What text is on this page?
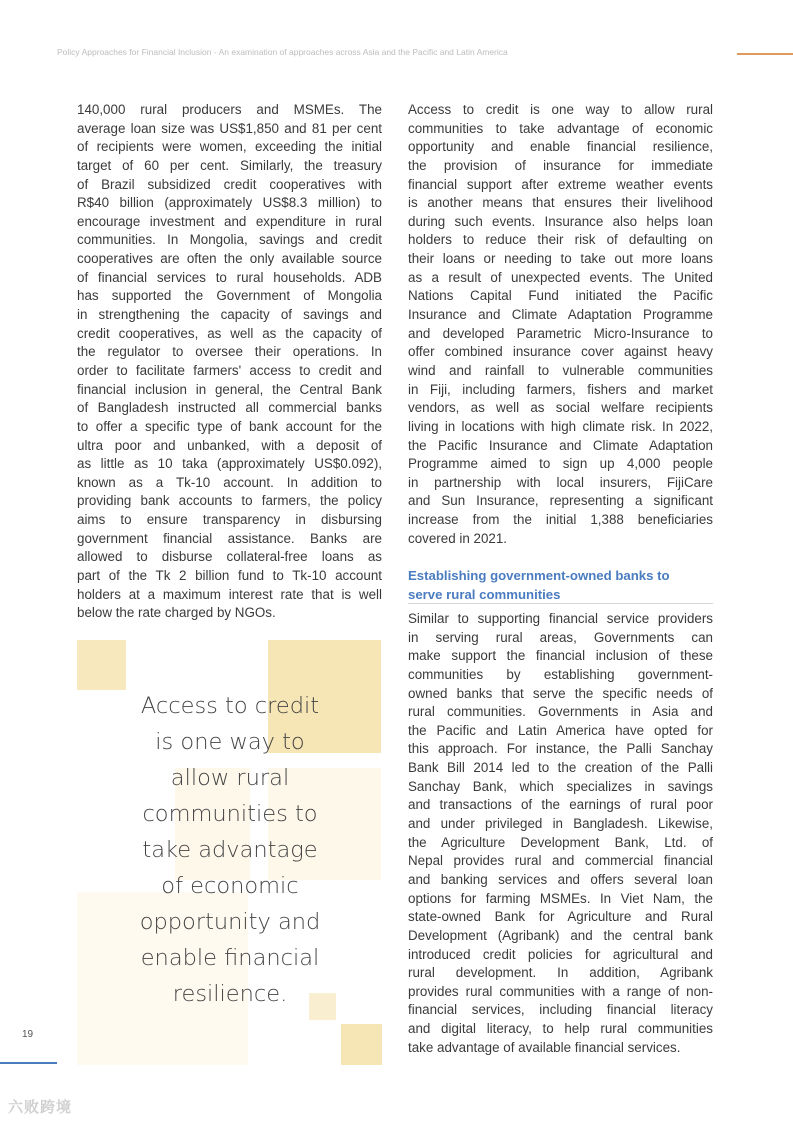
Policy Approaches for Financial Inclusion - An examination of approaches across Asia and the Pacific and Latin America
140,000 rural producers and MSMEs. The
average loan size was US$1,850 and 81 per cent
of recipients were women, exceeding the initial
target of 60 per cent. Similarly, the treasury
of Brazil subsidized credit cooperatives with
R$40 billion (approximately US$8.3 million) to
encourage investment and expenditure in rural
communities. In Mongolia, savings and credit
cooperatives are often the only available source
of financial services to rural households. ADB
has supported the Government of Mongolia
in strengthening the capacity of savings and
credit cooperatives, as well as the capacity of
the regulator to oversee their operations. In
order to facilitate farmers' access to credit and
financial inclusion in general, the Central Bank
of Bangladesh instructed all commercial banks
to offer a specific type of bank account for the
ultra poor and unbanked, with a deposit of
as little as 10 taka (approximately US$0.092),
known as a Tk-10 account. In addition to
providing bank accounts to farmers, the policy
aims to ensure transparency in disbursing
government financial assistance. Banks are
allowed to disburse collateral-free loans as
part of the Tk 2 billion fund to Tk-10 account
holders at a maximum interest rate that is well
below the rate charged by NGOs.
Access to credit
is one way to
allow rural
communities to
take advantage
of economic
opportunity and
enable financial
resilience.
Access to credit is one way to allow rural
communities to take advantage of economic
opportunity and enable financial resilience,
the provision of insurance for immediate
financial support after extreme weather events
is another means that ensures their livelihood
during such events. Insurance also helps loan
holders to reduce their risk of defaulting on
their loans or needing to take out more loans
as a result of unexpected events. The United
Nations Capital Fund initiated the Pacific
Insurance and Climate Adaptation Programme
and developed Parametric Micro-Insurance to
offer combined insurance cover against heavy
wind and rainfall to vulnerable communities
in Fiji, including farmers, fishers and market
vendors, as well as social welfare recipients
living in locations with high climate risk. In 2022,
the Pacific Insurance and Climate Adaptation
Programme aimed to sign up 4,000 people
in partnership with local insurers, FijiCare
and Sun Insurance, representing a significant
increase from the initial 1,388 beneficiaries
covered in 2021.
Establishing government-owned banks to
serve rural communities
Similar to supporting financial service providers
in serving rural areas, Governments can
make support the financial inclusion of these
communities by establishing government-
owned banks that serve the specific needs of
rural communities. Governments in Asia and
the Pacific and Latin America have opted for
this approach. For instance, the Palli Sanchay
Bank Bill 2014 led to the creation of the Palli
Sanchay Bank, which specializes in savings
and transactions of the earnings of rural poor
and under privileged in Bangladesh. Likewise,
the Agriculture Development Bank, Ltd. of
Nepal provides rural and commercial financial
and banking services and offers several loan
options for farming MSMEs. In Viet Nam, the
state-owned Bank for Agriculture and Rural
Development (Agribank) and the central bank
introduced credit policies for agricultural and
rural development. In addition, Agribank
provides rural communities with a range of non-
financial services, including financial literacy
and digital literacy, to help rural communities
take advantage of available financial services.
19
六败跨境
